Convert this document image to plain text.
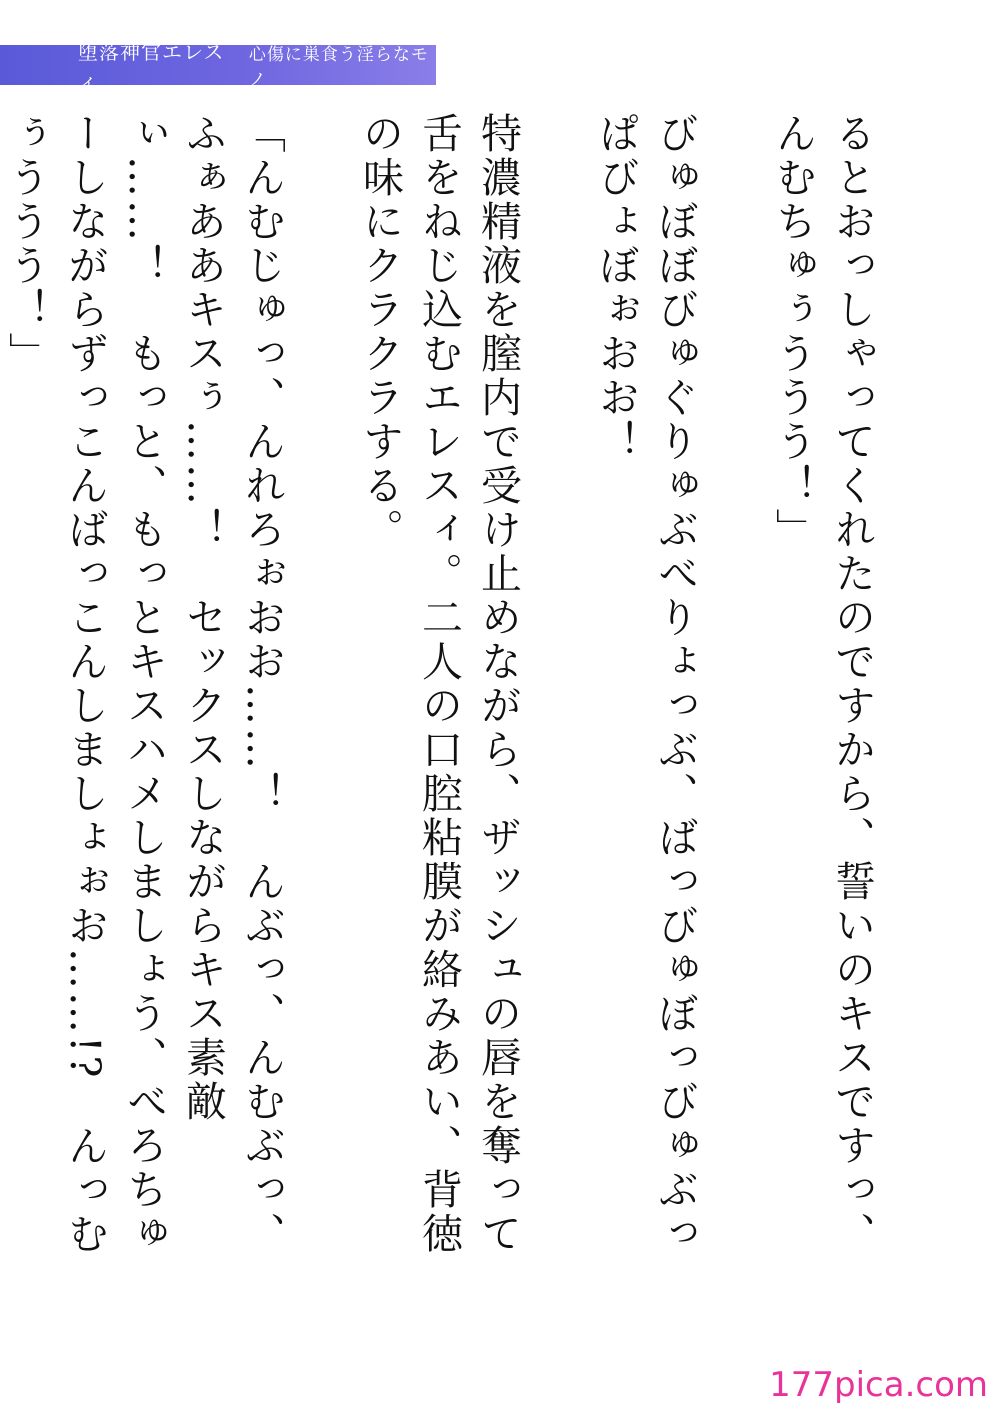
堕落神官エレスィ
心傷に巣食う淫らなモノ

るとおっしゃってくれたのですから、誓いのキスですっ、んむちゅぅううう！」

びゅぼぼびゅぐりゅぶべりょっぶ、ばっびゅぼっびゅぶっぱびょぼぉおお！

特濃精液を膣内で受け止めながら、ザッシュの唇を奪って舌をねじ込むエレスィ。二人の口腔粘膜が絡みあい、背徳の味にクラクラする。

「んむじゅっ、んれろぉおお……！　んぶっ、んむぶっ、ふぁああキスぅ……！　セックスしながらキス素敵ぃ……！　もっと、もっとキスハメしましょう、べろちゅーしながらずっこんばっこんしましょぉお……!?　んっむぅううう！」

177pica.com
